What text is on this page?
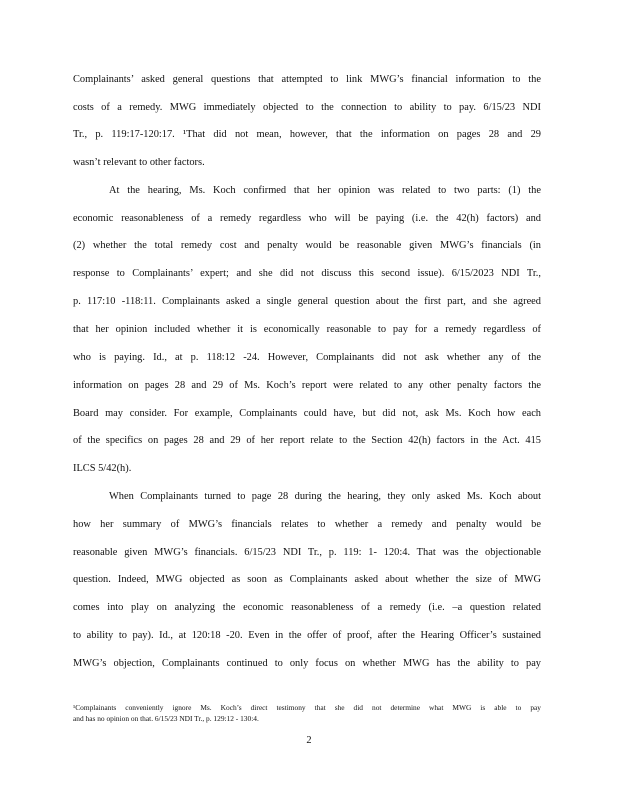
Complainants’ asked general questions that attempted to link MWG’s financial information to the
costs of a remedy. MWG immediately objected to the connection to ability to pay. 6/15/23 NDI
Tr., p. 119:17-120:17. ¹That did not mean, however, that the information on pages 28 and 29
wasn’t relevant to other factors.
At the hearing, Ms. Koch confirmed that her opinion was related to two parts: (1) the
economic reasonableness of a remedy regardless who will be paying (i.e. the 42(h) factors) and
(2) whether the total remedy cost and penalty would be reasonable given MWG’s financials (in
response to Complainants’ expert; and she did not discuss this second issue). 6/15/2023 NDI Tr.,
p. 117:10 -118:11. Complainants asked a single general question about the first part, and she agreed
that her opinion included whether it is economically reasonable to pay for a remedy regardless of
who is paying. Id., at p. 118:12 -24. However, Complainants did not ask whether any of the
information on pages 28 and 29 of Ms. Koch’s report were related to any other penalty factors the
Board may consider. For example, Complainants could have, but did not, ask Ms. Koch how each
of the specifics on pages 28 and 29 of her report relate to the Section 42(h) factors in the Act. 415
ILCS 5/42(h).
When Complainants turned to page 28 during the hearing, they only asked Ms. Koch about
how her summary of MWG’s financials relates to whether a remedy and penalty would be
reasonable given MWG’s financials. 6/15/23 NDI Tr., p. 119: 1- 120:4. That was the objectionable
question. Indeed, MWG objected as soon as Complainants asked about whether the size of MWG
comes into play on analyzing the economic reasonableness of a remedy (i.e. –a question related
to ability to pay). Id., at 120:18 -20. Even in the offer of proof, after the Hearing Officer’s sustained
MWG’s objection, Complainants continued to only focus on whether MWG has the ability to pay
¹Complainants conveniently ignore Ms. Koch’s direct testimony that she did not determine what MWG is able to pay
and has no opinion on that. 6/15/23 NDI Tr., p. 129:12 - 130:4.
2
